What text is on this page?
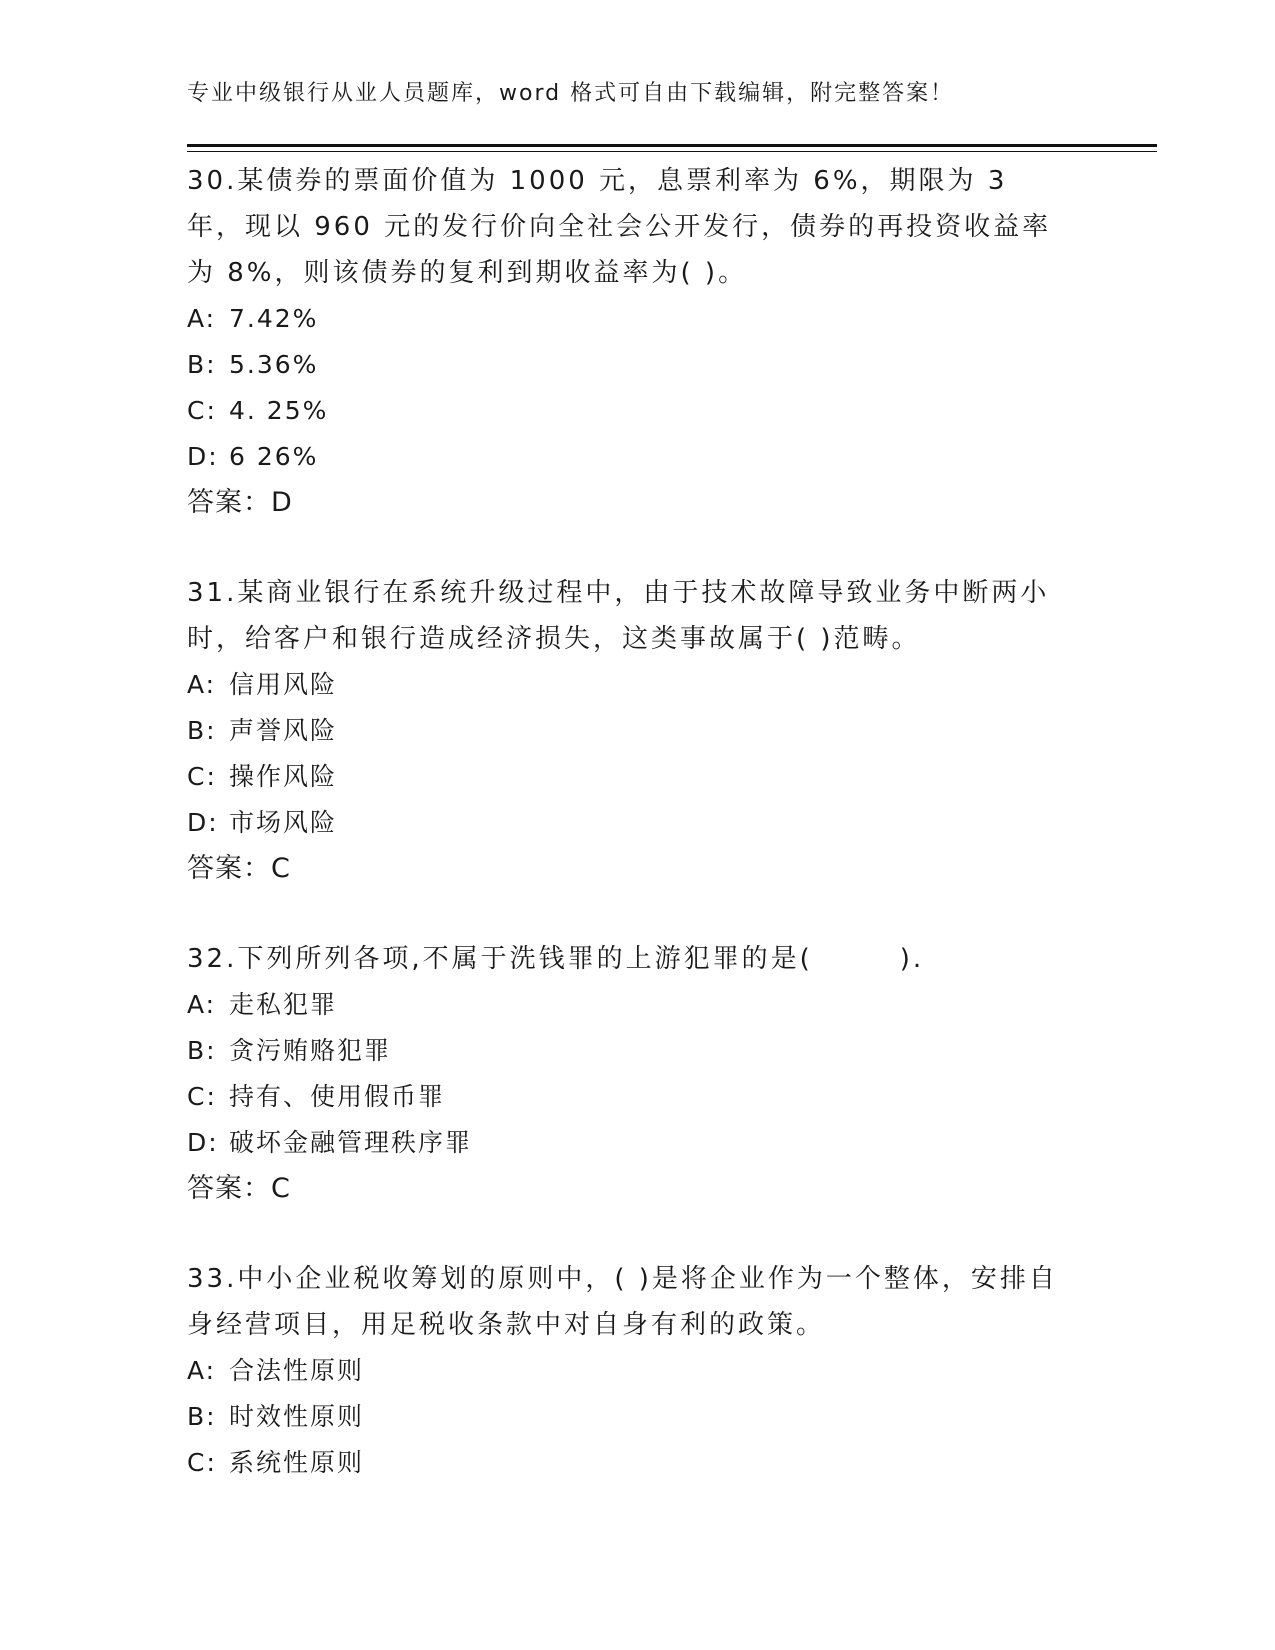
专业中级银行从业人员题库，word 格式可自由下载编辑，附完整答案！

30.某债券的票面价值为 1000 元，息票利率为 6%，期限为 3 年，现以 960 元的发行价向全社会公开发行，债券的再投资收益率为 8%，则该债券的复利到期收益率为( )。

A: 7.42%
B: 5.36%
C: 4. 25%
D: 6 26%
答案：D

31.某商业银行在系统升级过程中，由于技术故障导致业务中断两小时，给客户和银行造成经济损失，这类事故属于( )范畴。

A: 信用风险
B: 声誉风险
C: 操作风险
D: 市场风险
答案：C

32.下列所列各项,不属于洗钱罪的上游犯罪的是(　　　).

A: 走私犯罪
B: 贪污贿赂犯罪
C: 持有、使用假币罪
D: 破坏金融管理秩序罪
答案：C

33.中小企业税收筹划的原则中，( )是将企业作为一个整体，安排自身经营项目，用足税收条款中对自身有利的政策。

A: 合法性原则
B: 时效性原则
C: 系统性原则
